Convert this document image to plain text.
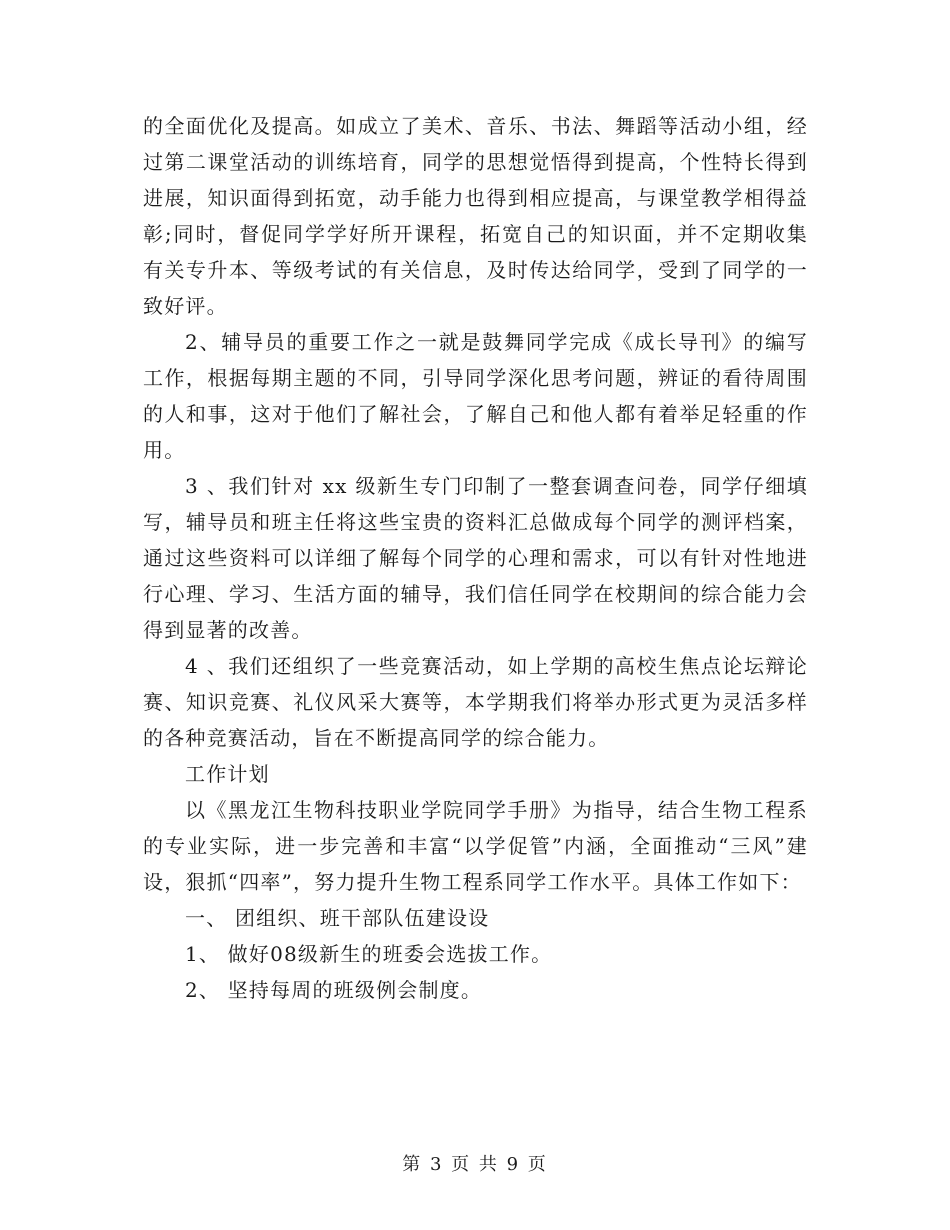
的全面优化及提高。如成立了美术、音乐、书法、舞蹈等活动小组，经过第二课堂活动的训练培育，同学的思想觉悟得到提高，个性特长得到进展，知识面得到拓宽，动手能力也得到相应提高，与课堂教学相得益彰;同时，督促同学学好所开课程，拓宽自己的知识面，并不定期收集有关专升本、等级考试的有关信息，及时传达给同学，受到了同学的一致好评。

2、辅导员的重要工作之一就是鼓舞同学完成《成长导刊》的编写工作，根据每期主题的不同，引导同学深化思考问题，辨证的看待周围的人和事，这对于他们了解社会，了解自己和他人都有着举足轻重的作用。

3 、我们针对 xx 级新生专门印制了一整套调查问卷，同学仔细填写，辅导员和班主任将这些宝贵的资料汇总做成每个同学的测评档案，通过这些资料可以详细了解每个同学的心理和需求，可以有针对性地进行心理、学习、生活方面的辅导，我们信任同学在校期间的综合能力会得到显著的改善。

4 、我们还组织了一些竞赛活动，如上学期的高校生焦点论坛辩论赛、知识竞赛、礼仪风采大赛等，本学期我们将举办形式更为灵活多样的各种竞赛活动，旨在不断提高同学的综合能力。

工作计划

以《黑龙江生物科技职业学院同学手册》为指导，结合生物工程系的专业实际，进一步完善和丰富“以学促管”内涵，全面推动“三风”建设，狠抓“四率”，努力提升生物工程系同学工作水平。具体工作如下：

一、 团组织、班干部队伍建设设

1、 做好08级新生的班委会选拔工作。

2、 坚持每周的班级例会制度。

第 3 页 共 9 页
